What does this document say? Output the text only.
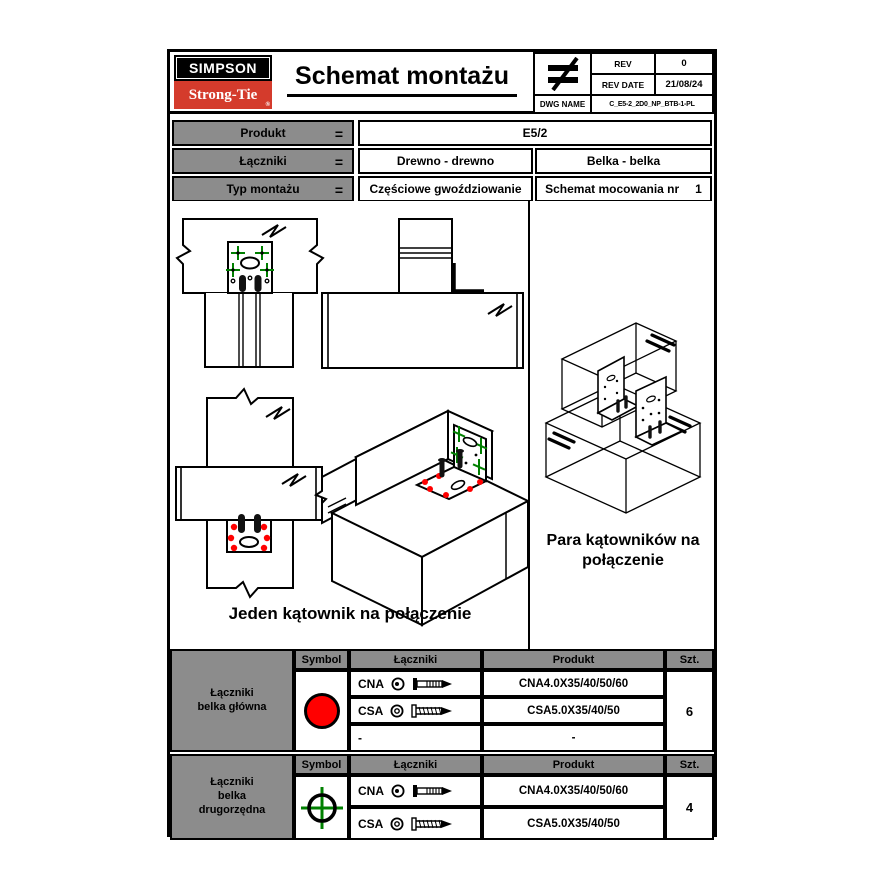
SIMPSON
Strong-Tie
®
Schemat montażu	REV	0
REV DATE	21/08/24
DWG NAME	C_E5-2_2D0_NP_BTB-1-PL
Produkt	=	E5/2
Łączniki	=	Drewno - drewno	Belka - belka
Typ montażu	=	Częściowe gwoździowanie	Schemat mocowania nr 1
Jeden kątownik na połączenie
Para kątowników na
połączenie
Łączniki
belka główna
Symbol	Łączniki	Produkt	Szt.
CNA	CNA4.0X35/40/50/60
CSA	CSA5.0X35/40/50
-	-
6
Łączniki
belka
drugorzędna
Symbol	Łączniki	Produkt	Szt.
CNA	CNA4.0X35/40/50/60
CSA	CSA5.0X35/40/50
4
